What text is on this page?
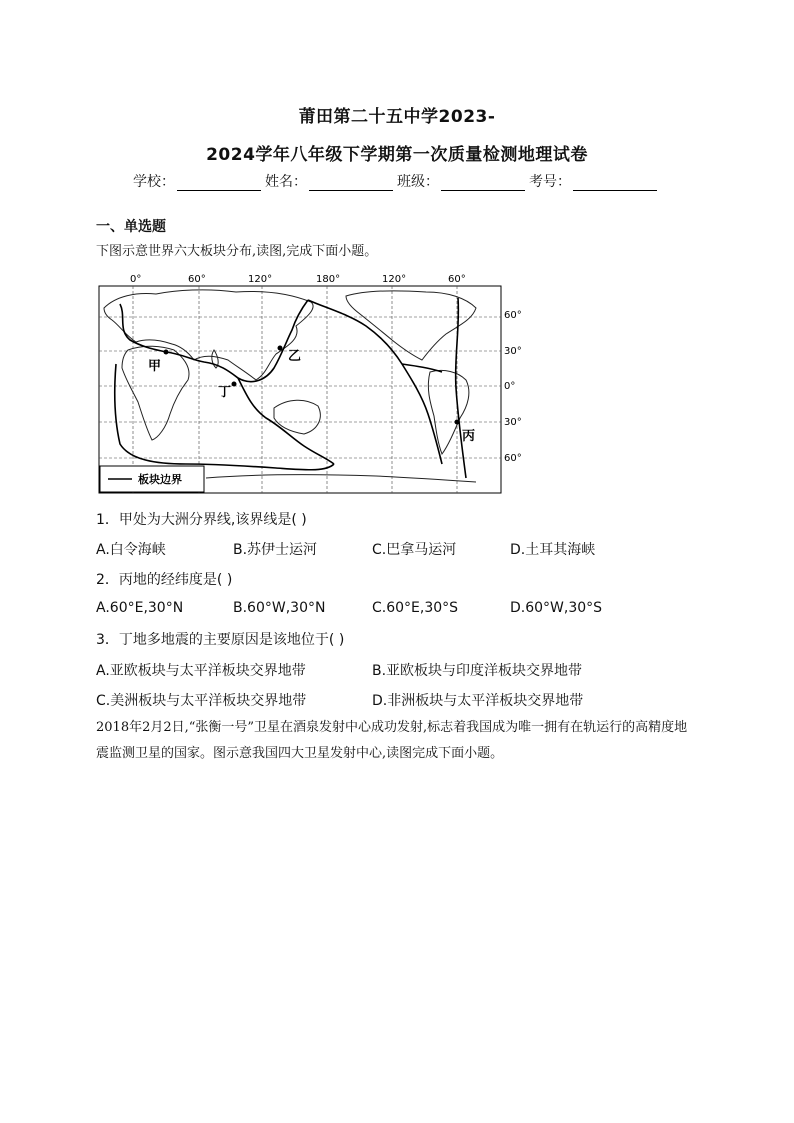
莆田第二十五中学2023-
2024学年八年级下学期第一次质量检测地理试卷
学校：	姓名：	班级：	考号：
一、单选题
下图示意世界六大板块分布,读图,完成下面小题。
0°	60°	120°	180°	120°	60°
60°
30°
0°
30°
60°
甲
乙
丁
丙
板块边界
1．甲处为大洲分界线,该界线是( )
A.白令海峡	B.苏伊士运河	C.巴拿马运河	D.土耳其海峡
2．丙地的经纬度是( )
A.60°E,30°N	B.60°W,30°N	C.60°E,30°S	D.60°W,30°S
3．丁地多地震的主要原因是该地位于( )
A.亚欧板块与太平洋板块交界地带	B.亚欧板块与印度洋板块交界地带
C.美洲板块与太平洋板块交界地带	D.非洲板块与太平洋板块交界地带
2018年2月2日,“张衡一号”卫星在酒泉发射中心成功发射,标志着我国成为唯一拥有在轨运行的高精度地震监测卫星的国家。图示意我国四大卫星发射中心,读图完成下面小题。
